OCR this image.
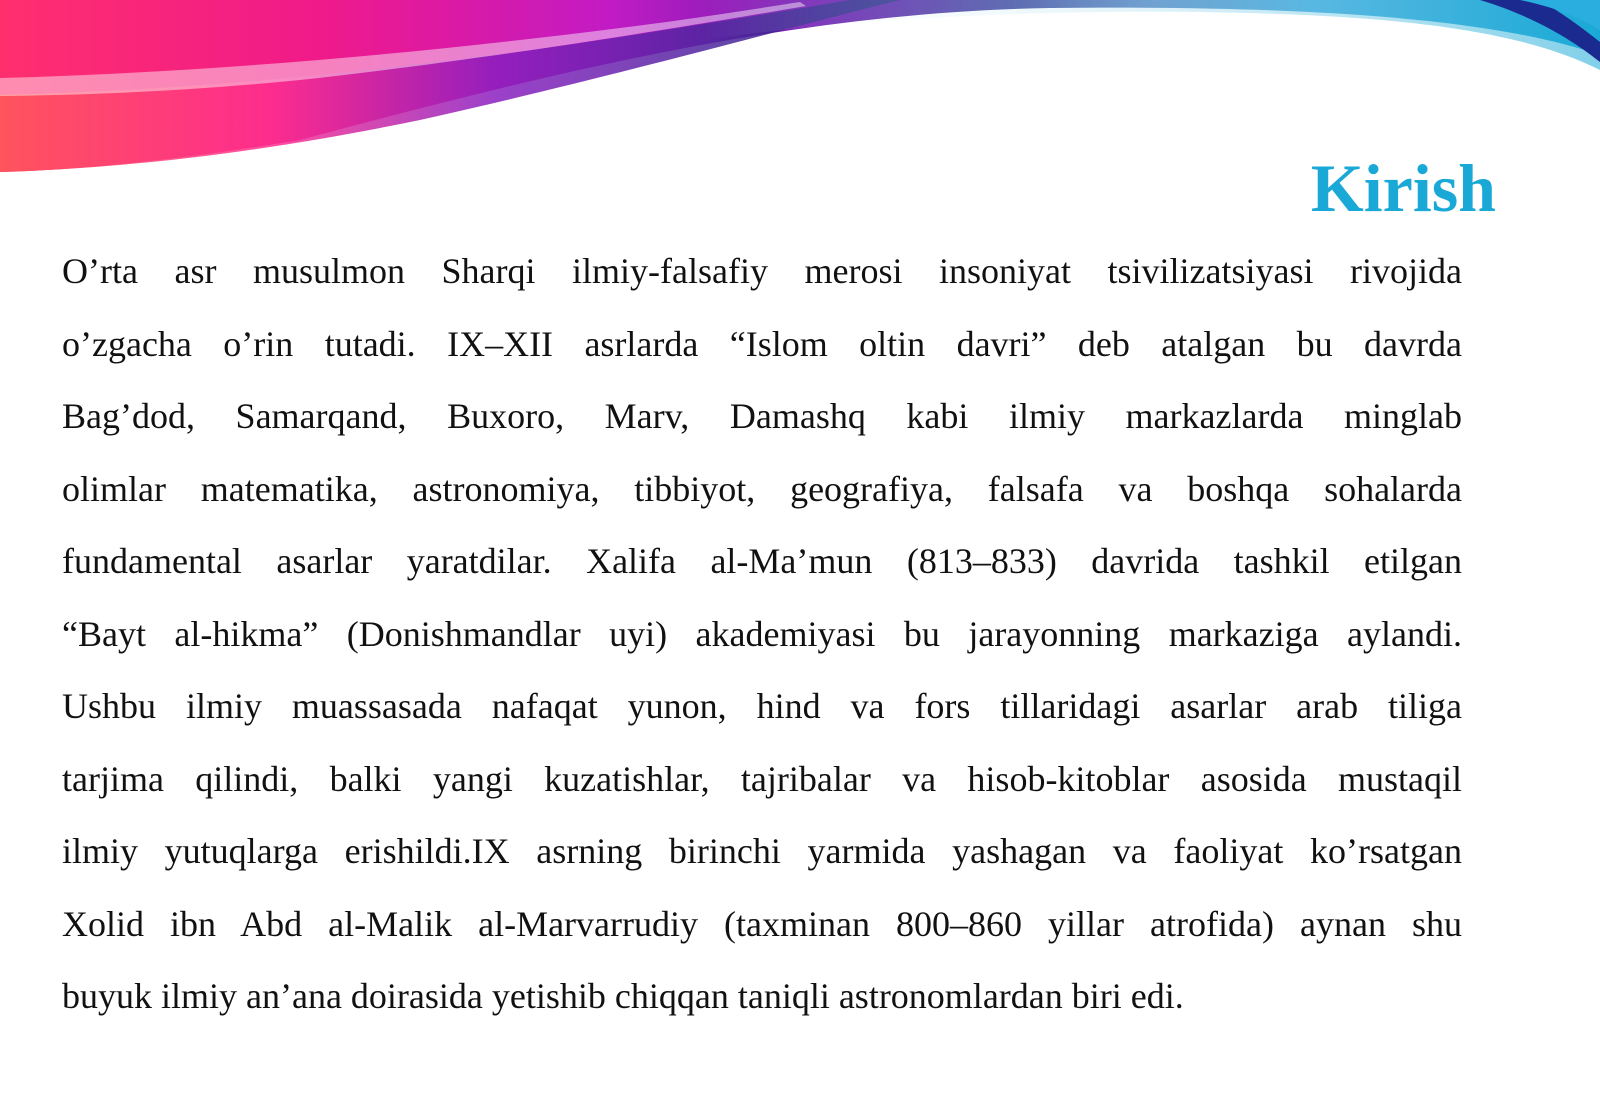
Kirish
O’rta asr musulmon Sharqi ilmiy-falsafiy merosi insoniyat tsivilizatsiyasi rivojida
o’zgacha o’rin tutadi. IX–XII asrlarda “Islom oltin davri” deb atalgan bu davrda
Bag’dod, Samarqand, Buxoro, Marv, Damashq kabi ilmiy markazlarda minglab
olimlar matematika, astronomiya, tibbiyot, geografiya, falsafa va boshqa sohalarda
fundamental asarlar yaratdilar. Xalifa al-Ma’mun (813–833) davrida tashkil etilgan
“Bayt al-hikma” (Donishmandlar uyi) akademiyasi bu jarayonning markaziga aylandi.
Ushbu ilmiy muassasada nafaqat yunon, hind va fors tillaridagi asarlar arab tiliga
tarjima qilindi, balki yangi kuzatishlar, tajribalar va hisob-kitoblar asosida mustaqil
ilmiy yutuqlarga erishildi.IX asrning birinchi yarmida yashagan va faoliyat ko’rsatgan
Xolid ibn Abd al-Malik al-Marvarrudiy (taxminan 800–860 yillar atrofida) aynan shu
buyuk ilmiy an’ana doirasida yetishib chiqqan taniqli astronomlardan biri edi.
